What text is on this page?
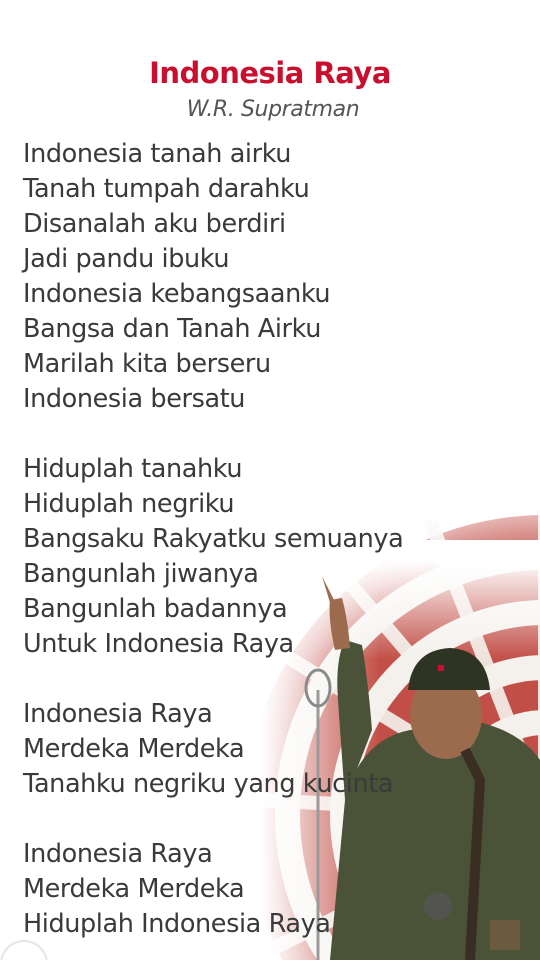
Indonesia Raya

W.R. Supratman

Indonesia tanah airku
Tanah tumpah darahku
Disanalah aku berdiri
Jadi pandu ibuku
Indonesia kebangsaanku
Bangsa dan Tanah Airku
Marilah kita berseru
Indonesia bersatu
Hiduplah tanahku
Hiduplah negriku
Bangsaku Rakyatku semuanya
Bangunlah jiwanya
Bangunlah badannya
Untuk Indonesia Raya
Indonesia Raya
Merdeka Merdeka
Tanahku negriku yang kucinta
Indonesia Raya
Merdeka Merdeka
Hiduplah Indonesia Raya
